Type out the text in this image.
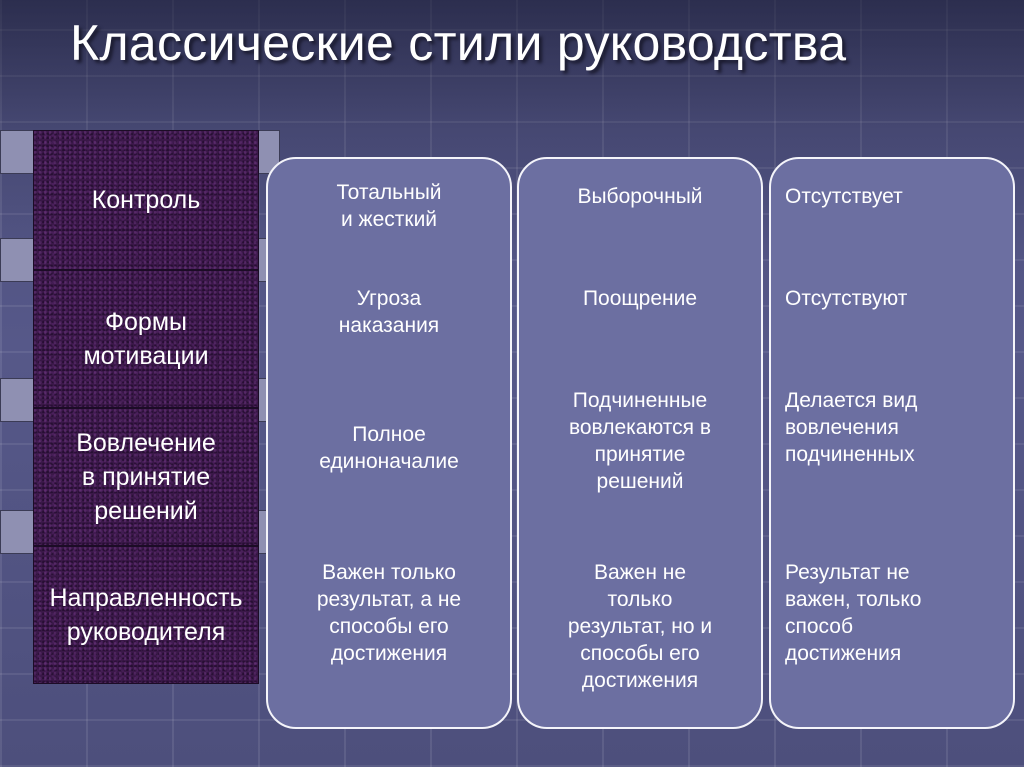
Классические стили руководства
Контроль
Формы
мотивации
Вовлечение
в принятие
решений
Направленность
руководителя
Тотальный
и жесткий
Угроза
наказания
Полное
единоначалие
Важен только
результат, а не
способы его
достижения
Выборочный
Поощрение
Подчиненные
вовлекаются в
принятие
решений
Важен не
только
результат, но и
способы его
достижения
Отсутствует
Отсутствуют
Делается вид
вовлечения
подчиненных
Результат не
важен, только
способ
достижения
